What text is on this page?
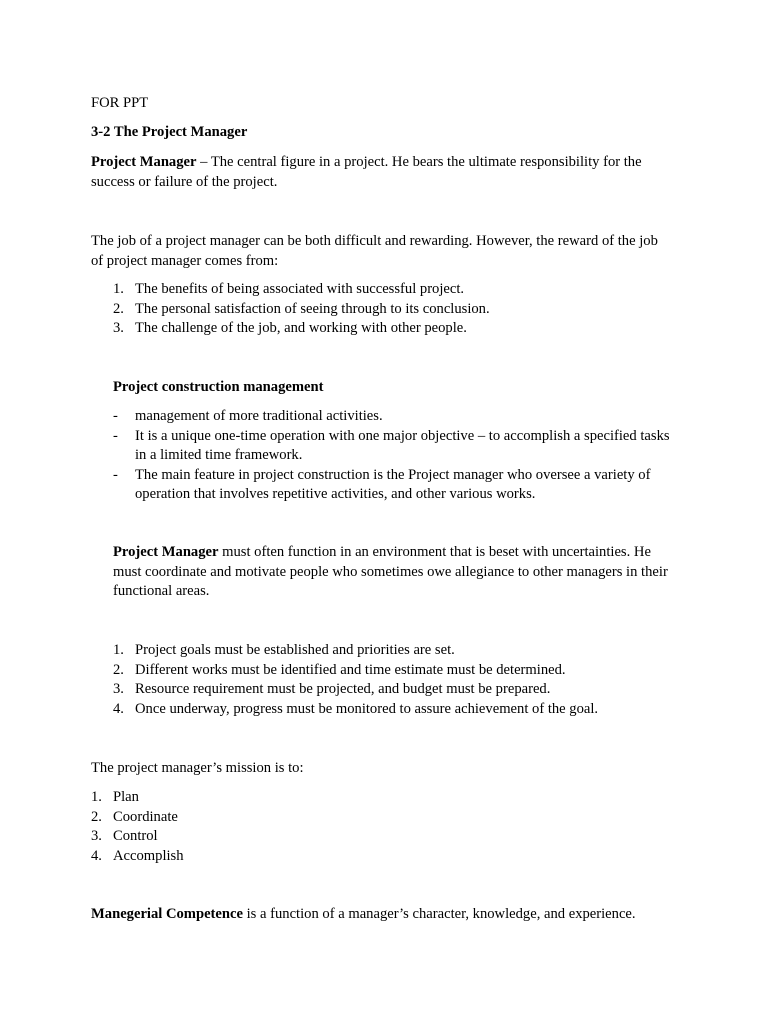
FOR PPT

3-2 The Project Manager

Project Manager – The central figure in a project. He bears the ultimate responsibility for the success or failure of the project.

The job of a project manager can be both difficult and rewarding. However, the reward of the job of project manager comes from:

1. The benefits of being associated with successful project.
2. The personal satisfaction of seeing through to its conclusion.
3. The challenge of the job, and working with other people.

Project construction management

- management of more traditional activities.
- It is a unique one-time operation with one major objective – to accomplish a specified tasks in a limited time framework.
- The main feature in project construction is the Project manager who oversee a variety of operation that involves repetitive activities, and other various works.

Project Manager must often function in an environment that is beset with uncertainties. He must coordinate and motivate people who sometimes owe allegiance to other managers in their functional areas.

1. Project goals must be established and priorities are set.
2. Different works must be identified and time estimate must be determined.
3. Resource requirement must be projected, and budget must be prepared.
4. Once underway, progress must be monitored to assure achievement of the goal.

The project manager’s mission is to:

1. Plan
2. Coordinate
3. Control
4. Accomplish

Manegerial Competence is a function of a manager’s character, knowledge, and experience.
